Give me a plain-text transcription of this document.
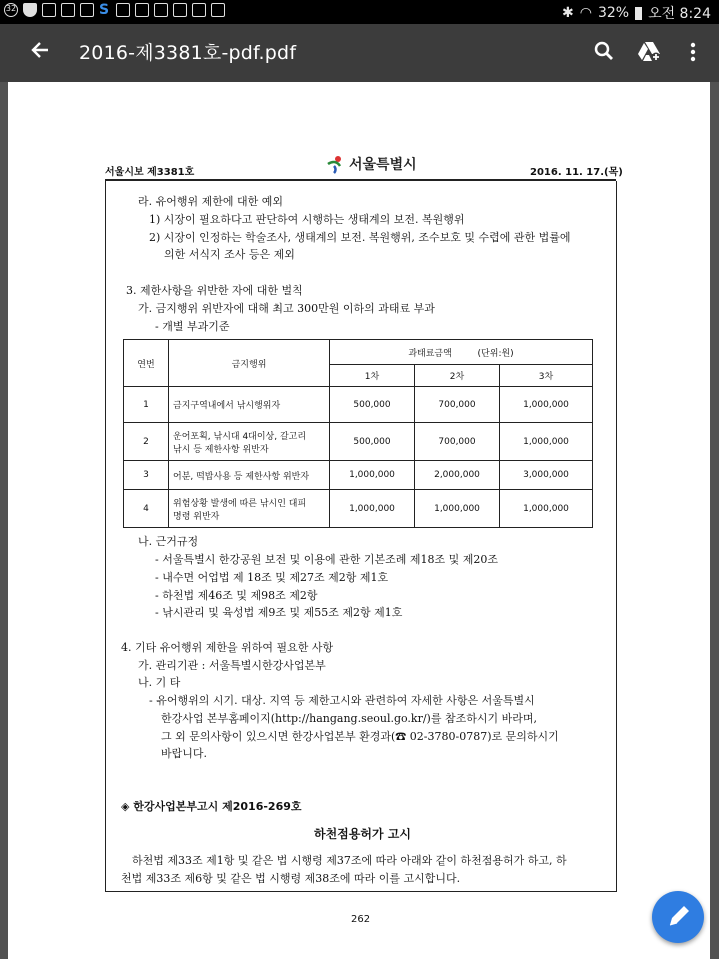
32	S	✱ ◠ 32% 오전 8:24
2016-제3381호-pdf.pdf
서울시보 제3381호	서울특별시	2016. 11. 17.(목)
라. 유어행위 제한에 대한 예외
1) 시장이 필요하다고 판단하여 시행하는 생태계의 보전. 복원행위
2) 시장이 인정하는 학술조사, 생태계의 보전. 복원행위, 조수보호 및 수렵에 관한 법률에
의한 서식지 조사 등은 제외
3. 제한사항을 위반한 자에 대한 벌칙
가. 금지행위 위반자에 대해 최고 300만원 이하의 과태료 부과
- 개별 부과기준
연번	금지행위	과태료금액 (단위:원)		
		1차	2차	3차
1	금지구역내에서 낚시행위자	500,000	700,000	1,000,000
2	운어포획, 낚시대 4대이상, 갈고리
낚시 등 제한사항 위반자	500,000	700,000	1,000,000
3	어분, 떡밥사용 등 제한사항 위반자	1,000,000	2,000,000	3,000,000
4	위험상황 발생에 따른 낚시인 대피
명령 위반자	1,000,000	1,000,000	1,000,000
나. 근거규정
- 서울특별시 한강공원 보전 및 이용에 관한 기본조례 제18조 및 제20조
- 내수면 어업법 제 18조 및 제27조 제2항 제1호
- 하천법 제46조 및 제98조 제2항
- 낚시관리 및 육성법 제9조 및 제55조 제2항 제1호
4. 기타 유어행위 제한을 위하여 필요한 사항
가. 관리기관 : 서울특별시한강사업본부
나. 기 타
- 유어행위의 시기. 대상. 지역 등 제한고시와 관련하여 자세한 사항은 서울특별시
한강사업 본부홈페이지(http://hangang.seoul.go.kr/)를 참조하시기 바라며,
그 외 문의사항이 있으시면 한강사업본부 환경과(☎ 02-3780-0787)로 문의하시기
바랍니다.
◈ 한강사업본부고시 제2016-269호
하천점용허가 고시
하천법 제33조 제1항 및 같은 법 시행령 제37조에 따라 아래와 같이 하천점용허가 하고, 하
천법 제33조 제6항 및 같은 법 시행령 제38조에 따라 이를 고시합니다.
262
